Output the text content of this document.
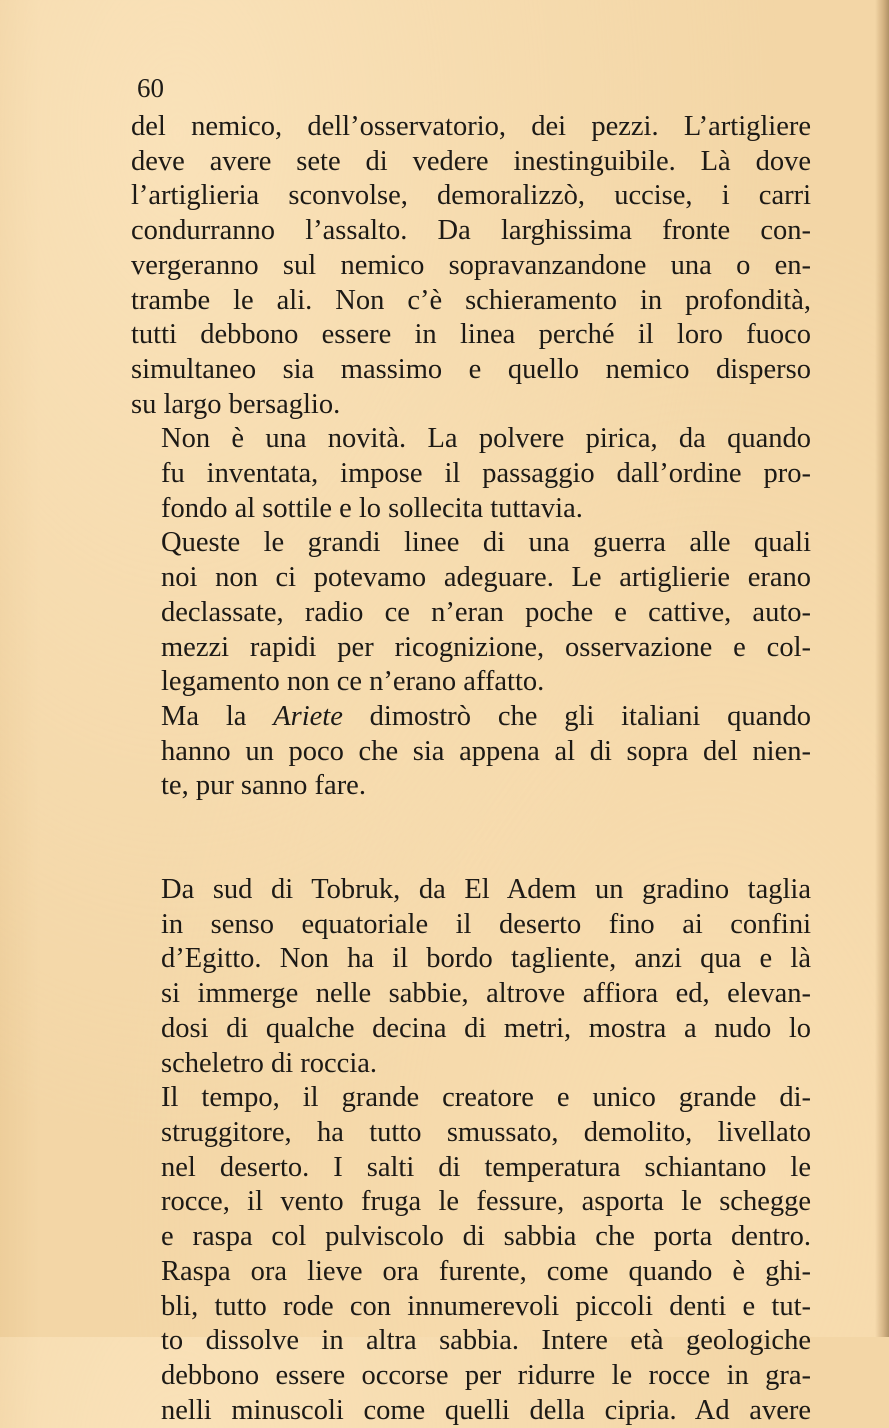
60

del nemico, dell’osservatorio, dei pezzi. L’artigliere
deve avere sete di vedere inestinguibile. Là dove
l’artiglieria sconvolse, demoralizzò, uccise, i carri
condurranno l’assalto. Da larghissima fronte con-
vergeranno sul nemico sopravanzandone una o en-
trambe le ali. Non c’è schieramento in profondità,
tutti debbono essere in linea perché il loro fuoco
simultaneo sia massimo e quello nemico disperso
su largo bersaglio.

Non è una novità. La polvere pirica, da quando
fu inventata, impose il passaggio dall’ordine pro-
fondo al sottile e lo sollecita tuttavia.

Queste le grandi linee di una guerra alle quali
noi non ci potevamo adeguare. Le artiglierie erano
declassate, radio ce n’eran poche e cattive, auto-
mezzi rapidi per ricognizione, osservazione e col-
legamento non ce n’erano affatto.

Ma la Ariete dimostrò che gli italiani quando
hanno un poco che sia appena al di sopra del nien-
te, pur sanno fare.

Da sud di Tobruk, da El Adem un gradino taglia
in senso equatoriale il deserto fino ai confini
d’Egitto. Non ha il bordo tagliente, anzi qua e là
si immerge nelle sabbie, altrove affiora ed, elevan-
dosi di qualche decina di metri, mostra a nudo lo
scheletro di roccia.

Il tempo, il grande creatore e unico grande di-
struggitore, ha tutto smussato, demolito, livellato
nel deserto. I salti di temperatura schiantano le
rocce, il vento fruga le fessure, asporta le schegge
e raspa col pulviscolo di sabbia che porta dentro.
Raspa ora lieve ora furente, come quando è ghi-
bli, tutto rode con innumerevoli piccoli denti e tut-
to dissolve in altra sabbia. Intere età geologiche
debbono essere occorse per ridurre le rocce in gra-
nelli minuscoli come quelli della cipria. Ad avere
